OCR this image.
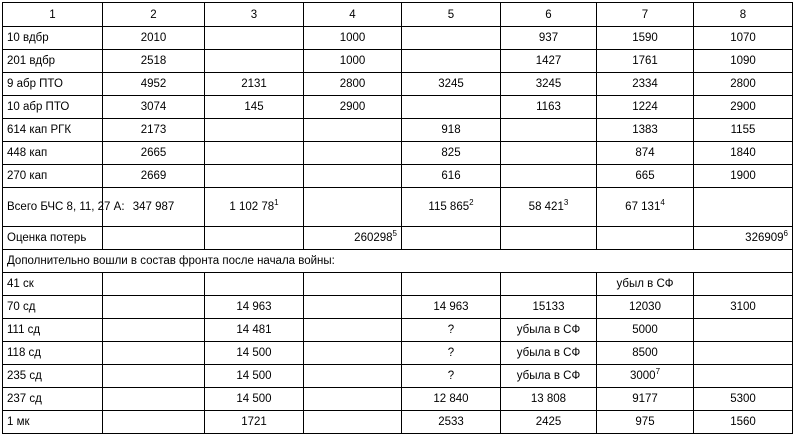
1	2	3	4	5	6	7	8
10 вдбр	2010		1000		937	1590	1070
201 вдбр	2518		1000		1427	1761	1090
9 абр ПТО	4952	2131	2800	3245	3245	2334	2800
10 абр ПТО	3074	145	2900		1163	1224	2900
614 кап РГК	2173			918		1383	1155
448 кап	2665			825		874	1840
270 кап	2669			616		665	1900
Всего БЧС 8, 11, 27 А:	347 987	1 102 $78^1$		115 $865^2$	58 $421^3$	67 $131^4$	
Оценка потерь			260298$^5$				326909$^6$
Дополнительно вошли в состав фронта после начала войны:							
41 ск						убыл в СФ	
70 сд		14 963		14 963	15133	12030	3100
111 сд		14 481		?	убыла в СФ	5000	
118 сд		14 500		?	убыла в СФ	8500	
235 сд		14 500		?	убыла в СФ	3000$^7$	
237 сд		14 500		12 840	13 808	9177	5300
1 мк		1721		2533	2425	975	1560
